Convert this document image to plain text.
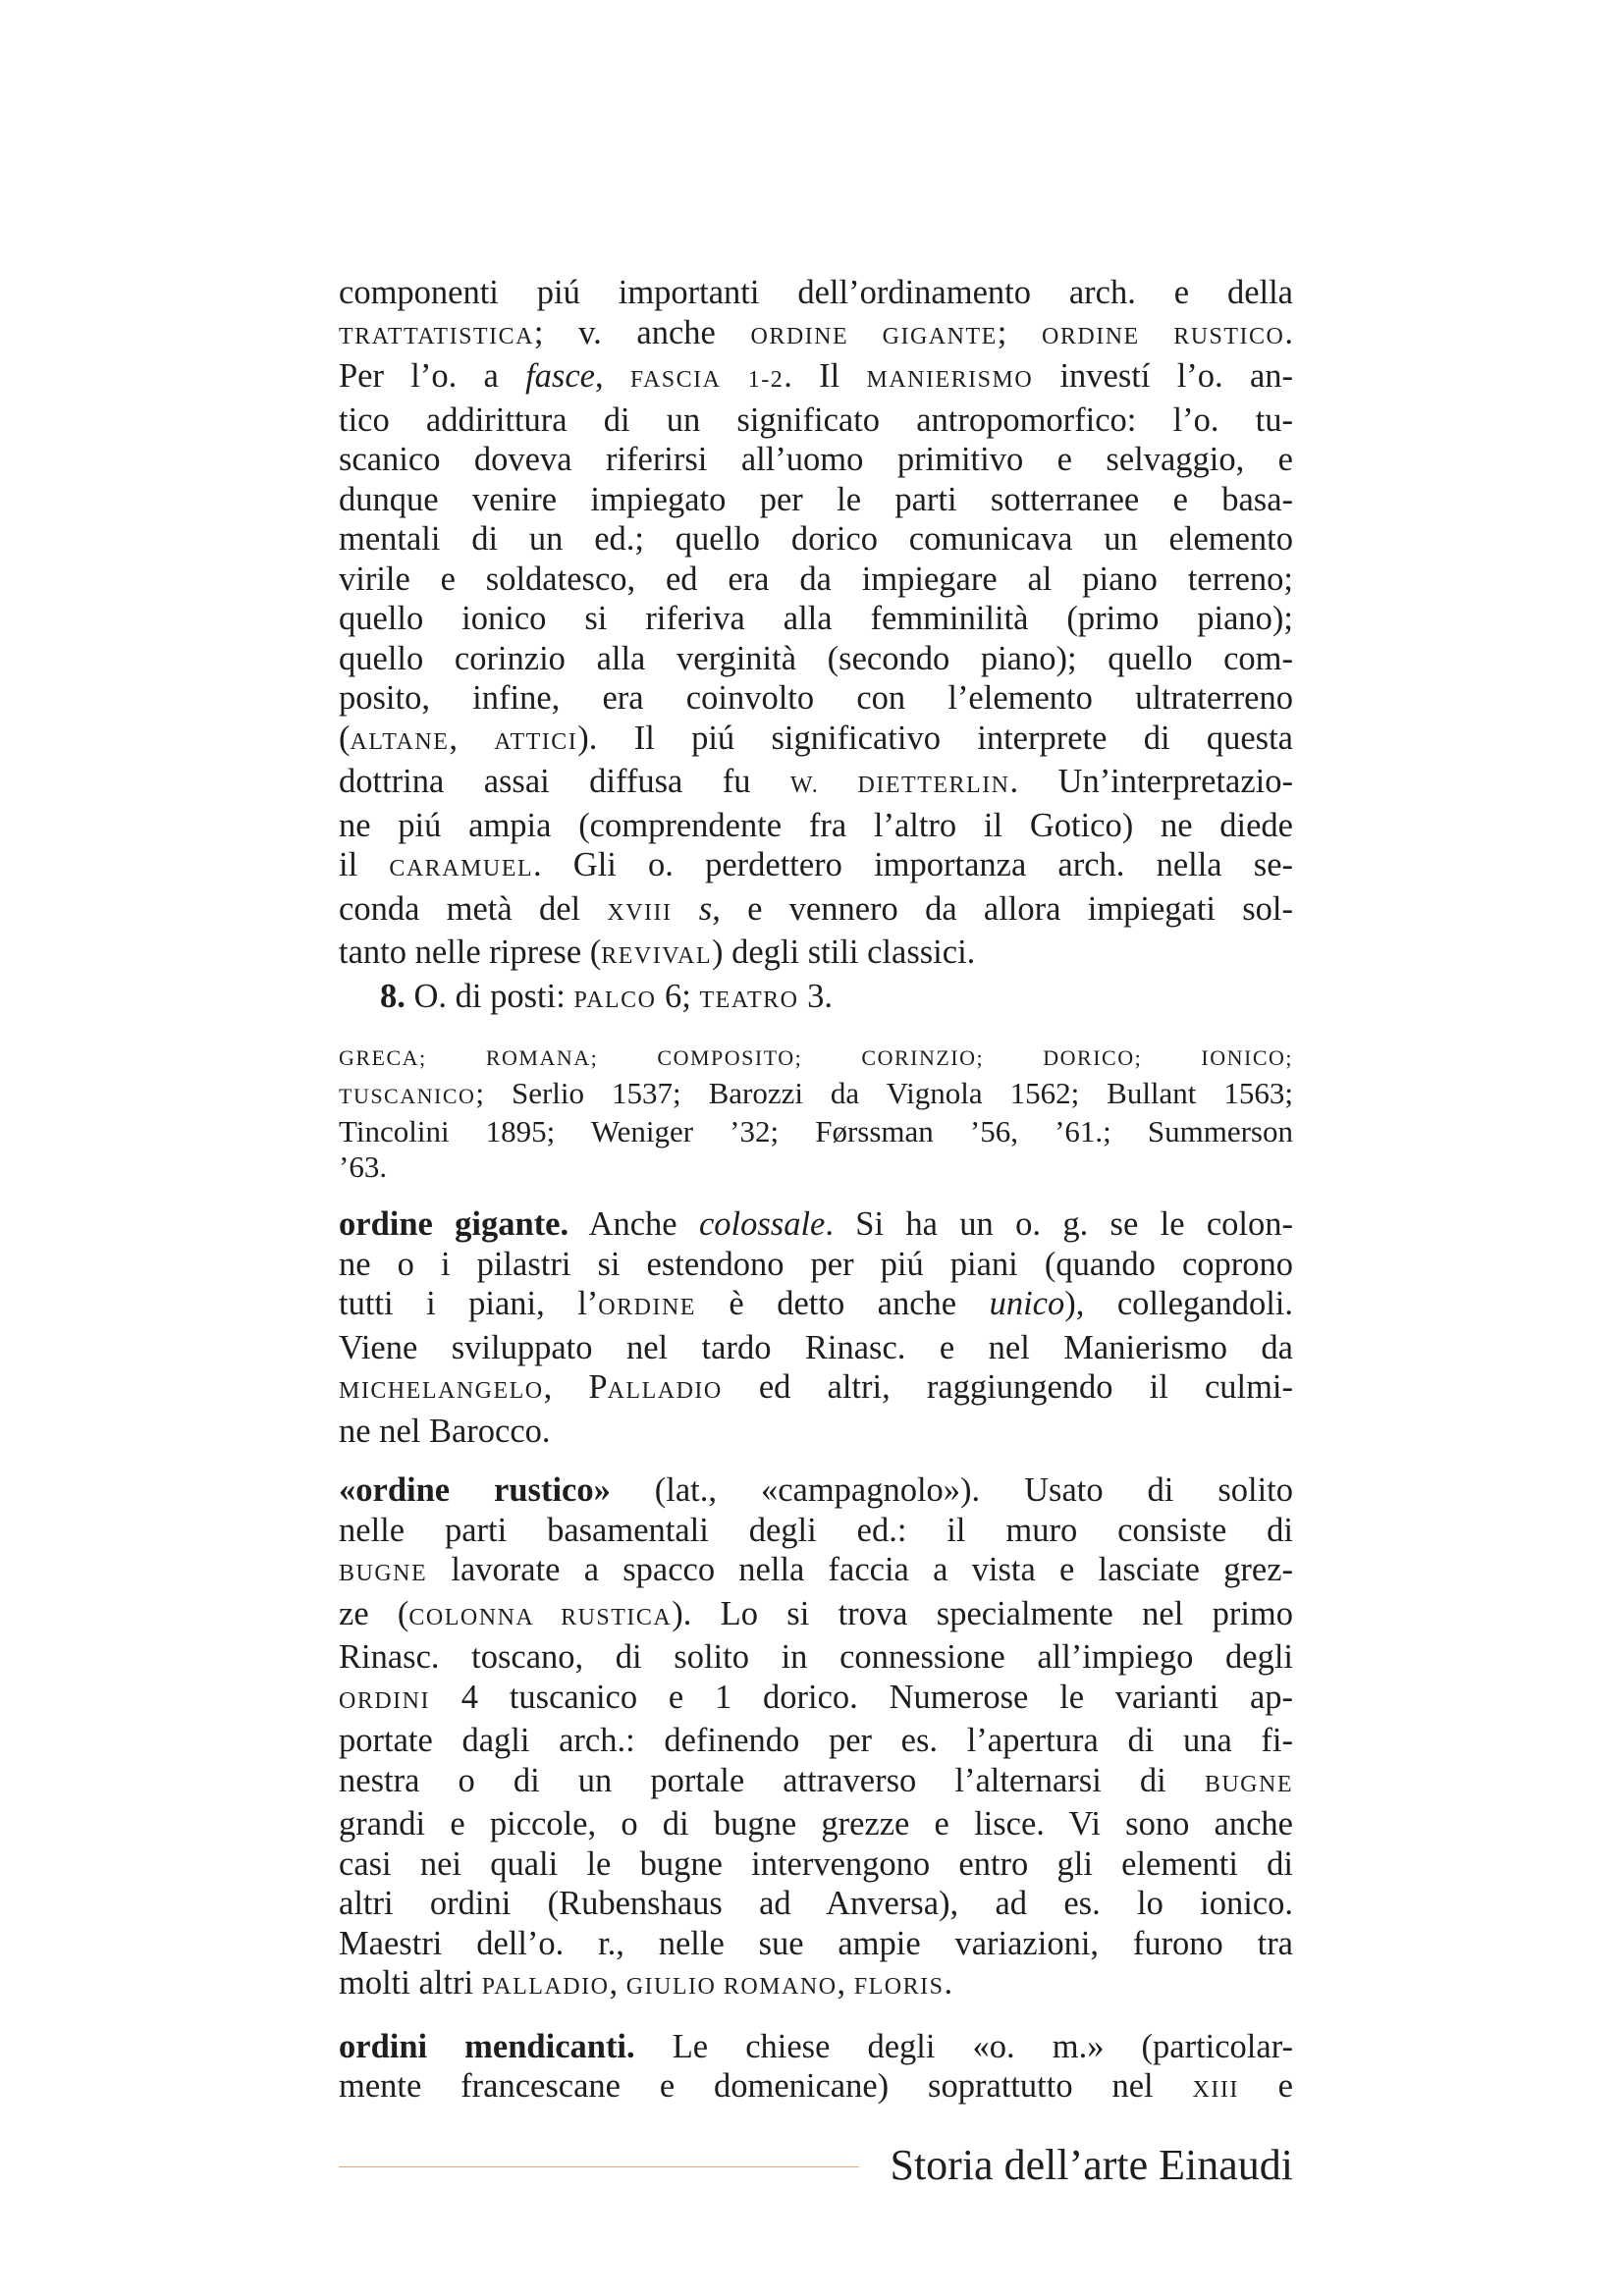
componenti piú importanti dell’ordinamento arch. e della
TRATTATISTICA; v. anche ORDINE GIGANTE; ORDINE RUSTICO.
Per l’o. a fasce, FASCIA 1-2. Il MANIERISMO investí l’o. an-
tico addirittura di un significato antropomorfico: l’o. tu-
scanico doveva riferirsi all’uomo primitivo e selvaggio, e
dunque venire impiegato per le parti sotterranee e basa-
mentali di un ed.; quello dorico comunicava un elemento
virile e soldatesco, ed era da impiegare al piano terreno;
quello ionico si riferiva alla femminilità (primo piano);
quello corinzio alla verginità (secondo piano); quello com-
posito, infine, era coinvolto con l’elemento ultraterreno
(ALTANE, ATTICI). Il piú significativo interprete di questa
dottrina assai diffusa fu W. DIETTERLIN. Un’interpretazio-
ne piú ampia (comprendente fra l’altro il Gotico) ne diede
il CARAMUEL. Gli o. perdettero importanza arch. nella se-
conda metà del XVIII s, e vennero da allora impiegati sol-
tanto nelle riprese (REVIVAL) degli stili classici.
8. O. di posti: PALCO 6; TEATRO 3.
GRECA; ROMANA; COMPOSITO; CORINZIO; DORICO; IONICO;
TUSCANICO; Serlio 1537; Barozzi da Vignola 1562; Bullant 1563;
Tincolini 1895; Weniger ’32; Førssman ’56, ’61.; Summerson
’63.
ordine gigante. Anche colossale. Si ha un o. g. se le colon-
ne o i pilastri si estendono per piú piani (quando coprono
tutti i piani, l’ORDINE è detto anche unico), collegandoli.
Viene sviluppato nel tardo Rinasc. e nel Manierismo da
MICHELANGELO, PALLADIO ed altri, raggiungendo il culmi-
ne nel Barocco.
«ordine rustico» (lat., «campagnolo»). Usato di solito
nelle parti basamentali degli ed.: il muro consiste di
BUGNE lavorate a spacco nella faccia a vista e lasciate grez-
ze (COLONNA RUSTICA). Lo si trova specialmente nel primo
Rinasc. toscano, di solito in connessione all’impiego degli
ORDINI 4 tuscanico e 1 dorico. Numerose le varianti ap-
portate dagli arch.: definendo per es. l’apertura di una fi-
nestra o di un portale attraverso l’alternarsi di BUGNE
grandi e piccole, o di bugne grezze e lisce. Vi sono anche
casi nei quali le bugne intervengono entro gli elementi di
altri ordini (Rubenshaus ad Anversa), ad es. lo ionico.
Maestri dell’o. r., nelle sue ampie variazioni, furono tra
molti altri PALLADIO, GIULIO ROMANO, FLORIS.
ordini mendicanti. Le chiese degli «o. m.» (particolar-
mente francescane e domenicane) soprattutto nel XIII e
Storia dell’arte Einaudi
